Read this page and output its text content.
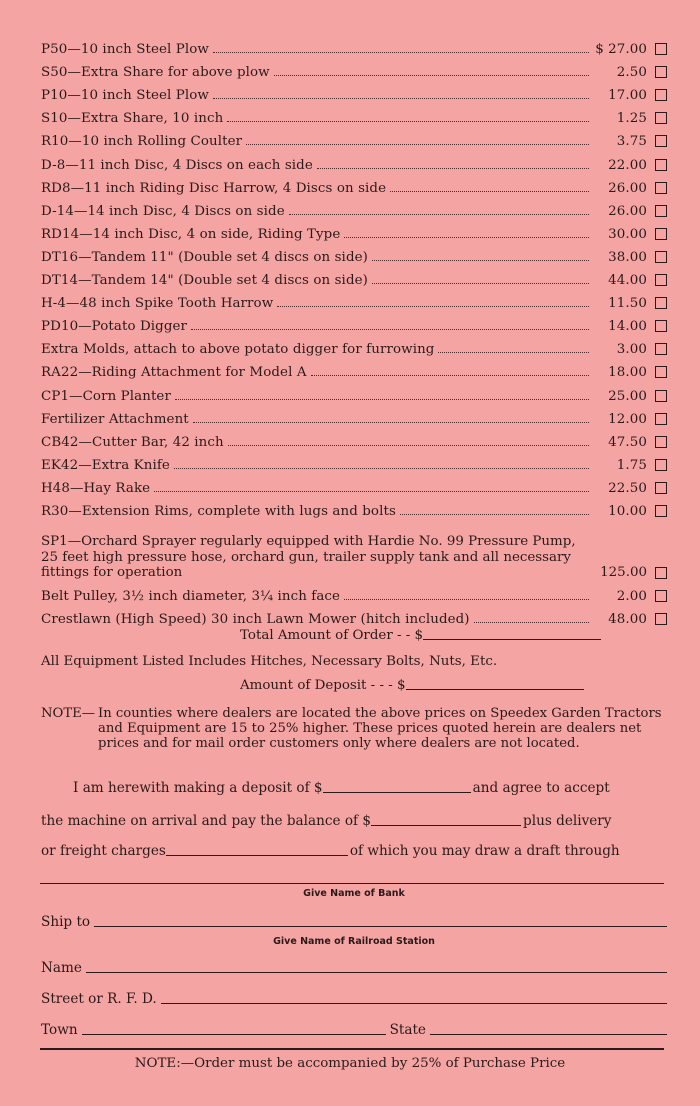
P50—10 inch Steel Plow	$ 27.00
S50—Extra Share for above plow	2.50
P10—10 inch Steel Plow	17.00
S10—Extra Share, 10 inch	1.25
R10—10 inch Rolling Coulter	3.75
D-8—11 inch Disc, 4 Discs on each side	22.00
RD8—11 inch Riding Disc Harrow, 4 Discs on side	26.00
D-14—14 inch Disc, 4 Discs on side	26.00
RD14—14 inch Disc, 4 on side, Riding Type	30.00
DT16—Tandem 11" (Double set 4 discs on side)	38.00
DT14—Tandem 14" (Double set 4 discs on side)	44.00
H-4—48 inch Spike Tooth Harrow	11.50
PD10—Potato Digger	14.00
Extra Molds, attach to above potato digger for furrowing	3.00
RA22—Riding Attachment for Model A	18.00
CP1—Corn Planter	25.00
Fertilizer Attachment	12.00
CB42—Cutter Bar, 42 inch	47.50
EK42—Extra Knife	1.75
H48—Hay Rake	22.50
R30—Extension Rims, complete with lugs and bolts	10.00
SP1—Orchard Sprayer regularly equipped with Hardie No. 99 Pressure Pump, 25 feet high pressure hose, orchard gun, trailer supply tank and all necessary fittings for operation	125.00
Belt Pulley, 3½ inch diameter, 3¼ inch face	2.00
Crestlawn (High Speed) 30 inch Lawn Mower (hitch included)	48.00
Total Amount of Order - - $
All Equipment Listed Includes Hitches, Necessary Bolts, Nuts, Etc.
Amount of Deposit - - - $
NOTE— In counties where dealers are located the above prices on Speedex Garden Tractors and Equipment are 15 to 25% higher. These prices quoted herein are dealers net prices and for mail order customers only where dealers are not located.
I am herewith making a deposit of $	and agree to accept
the machine on arrival and pay the balance of $	plus delivery
or freight charges	of which you may draw a draft through
Give Name of Bank
Ship to
Give Name of Railroad Station
Name
Street or R. F. D.
Town	State
NOTE:—Order must be accompanied by 25% of Purchase Price
